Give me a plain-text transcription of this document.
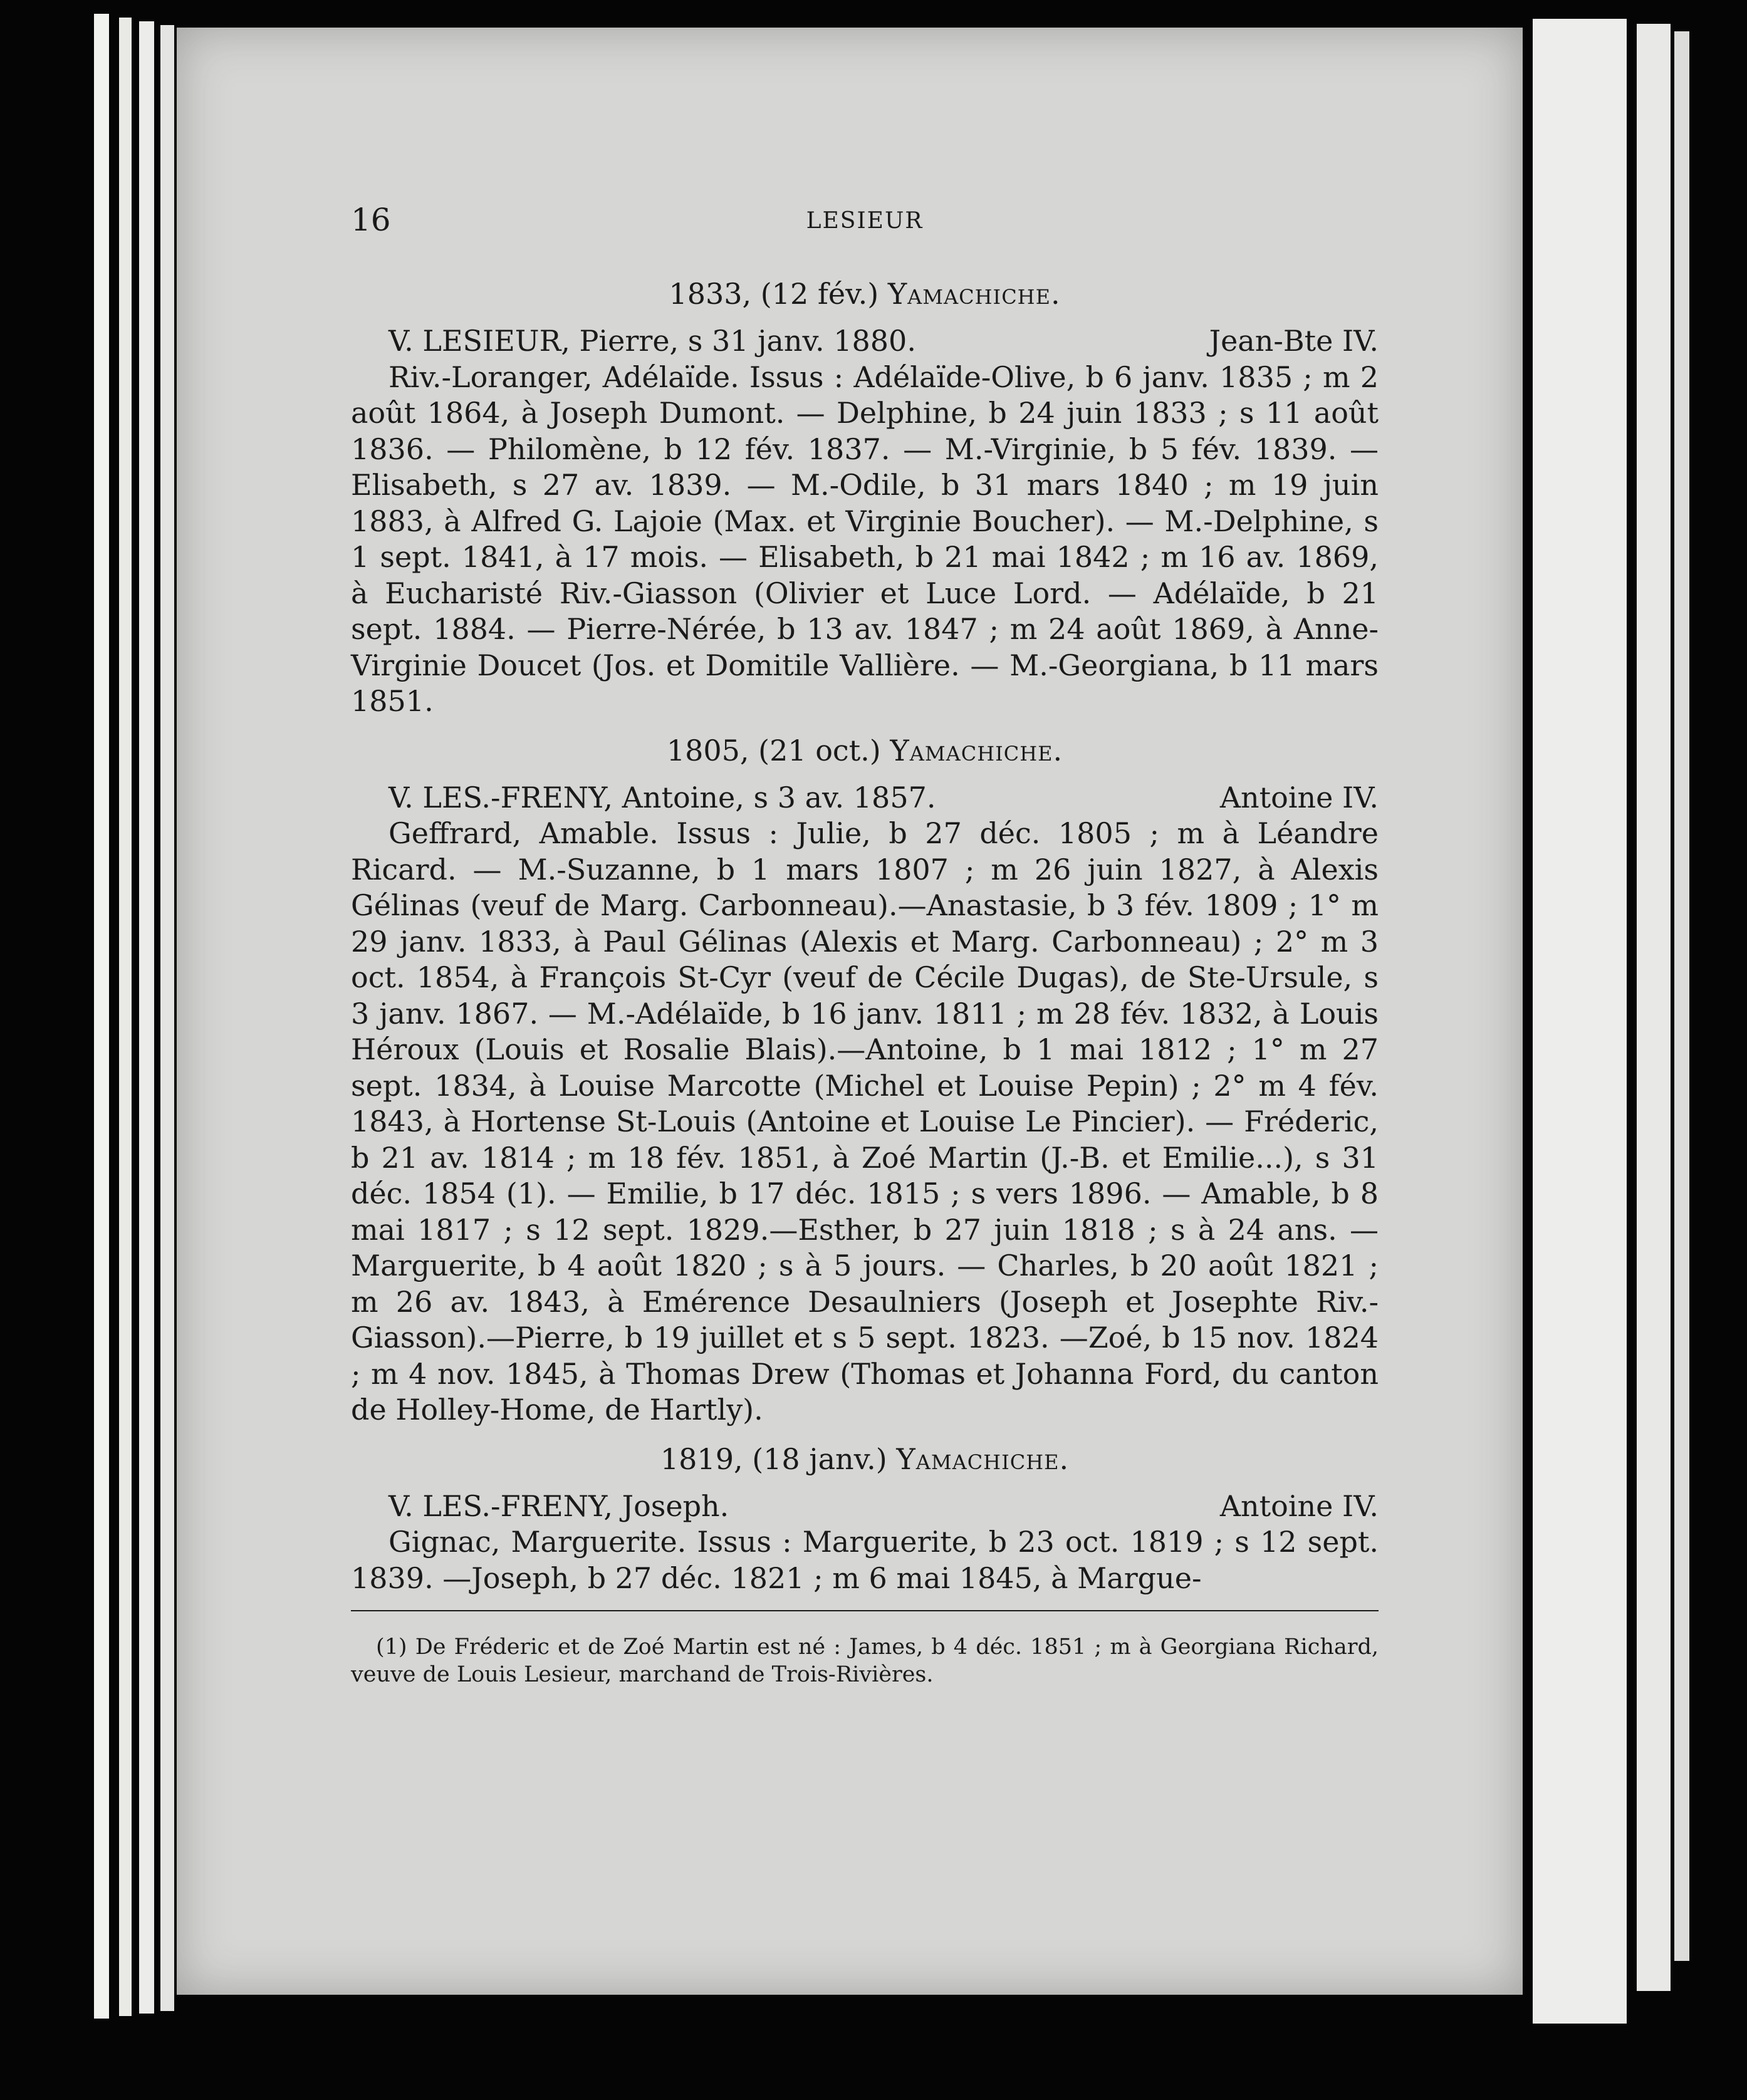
16	LESIEUR
1833, (12 fév.) Yamachiche.
V. LESIEUR, Pierre, s 31 janv. 1880.	Jean-Bte IV.

Riv.-Loranger, Adélaïde. Issus : Adélaïde-Olive, b 6 janv. 1835 ; m 2 août 1864, à Joseph Dumont. — Delphine, b 24 juin 1833 ; s 11 août 1836. — Philomène, b 12 fév. 1837. — M.-Virginie, b 5 fév. 1839. — Elisabeth, s 27 av. 1839. — M.-Odile, b 31 mars 1840 ; m 19 juin 1883, à Alfred G. Lajoie (Max. et Virginie Boucher). — M.-Delphine, s 1 sept. 1841, à 17 mois. — Elisabeth, b 21 mai 1842 ; m 16 av. 1869, à Eucharisté Riv.-Giasson (Olivier et Luce Lord. — Adélaïde, b 21 sept. 1884. — Pierre-Nérée, b 13 av. 1847 ; m 24 août 1869, à Anne-Virginie Doucet (Jos. et Domitile Vallière. — M.-Georgiana, b 11 mars 1851.

1805, (21 oct.) Yamachiche.
V. LES.-FRENY, Antoine, s 3 av. 1857.	Antoine IV.

Geffrard, Amable. Issus : Julie, b 27 déc. 1805 ; m à Léandre Ricard. — M.-Suzanne, b 1 mars 1807 ; m 26 juin 1827, à Alexis Gélinas (veuf de Marg. Carbonneau).—Anastasie, b 3 fév. 1809 ; 1° m 29 janv. 1833, à Paul Gélinas (Alexis et Marg. Carbonneau) ; 2° m 3 oct. 1854, à François St-Cyr (veuf de Cécile Dugas), de Ste-Ursule, s 3 janv. 1867. — M.-Adélaïde, b 16 janv. 1811 ; m 28 fév. 1832, à Louis Héroux (Louis et Rosalie Blais).—Antoine, b 1 mai 1812 ; 1° m 27 sept. 1834, à Louise Marcotte (Michel et Louise Pepin) ; 2° m 4 fév. 1843, à Hortense St-Louis (Antoine et Louise Le Pincier). — Fréderic, b 21 av. 1814 ; m 18 fév. 1851, à Zoé Martin (J.-B. et Emilie...), s 31 déc. 1854 (1). — Emilie, b 17 déc. 1815 ; s vers 1896. — Amable, b 8 mai 1817 ; s 12 sept. 1829.—Esther, b 27 juin 1818 ; s à 24 ans. — Marguerite, b 4 août 1820 ; s à 5 jours. — Charles, b 20 août 1821 ; m 26 av. 1843, à Emérence Desaulniers (Joseph et Josephte Riv.-Giasson).—Pierre, b 19 juillet et s 5 sept. 1823. —Zoé, b 15 nov. 1824 ; m 4 nov. 1845, à Thomas Drew (Thomas et Johanna Ford, du canton de Holley-Home, de Hartly).

1819, (18 janv.) Yamachiche.
V. LES.-FRENY, Joseph.	Antoine IV.

Gignac, Marguerite. Issus : Marguerite, b 23 oct. 1819 ; s 12 sept. 1839. —Joseph, b 27 déc. 1821 ; m 6 mai 1845, à Margue-

(1) De Fréderic et de Zoé Martin est né : James, b 4 déc. 1851 ; m à Georgiana Richard, veuve de Louis Lesieur, marchand de Trois-Rivières.
